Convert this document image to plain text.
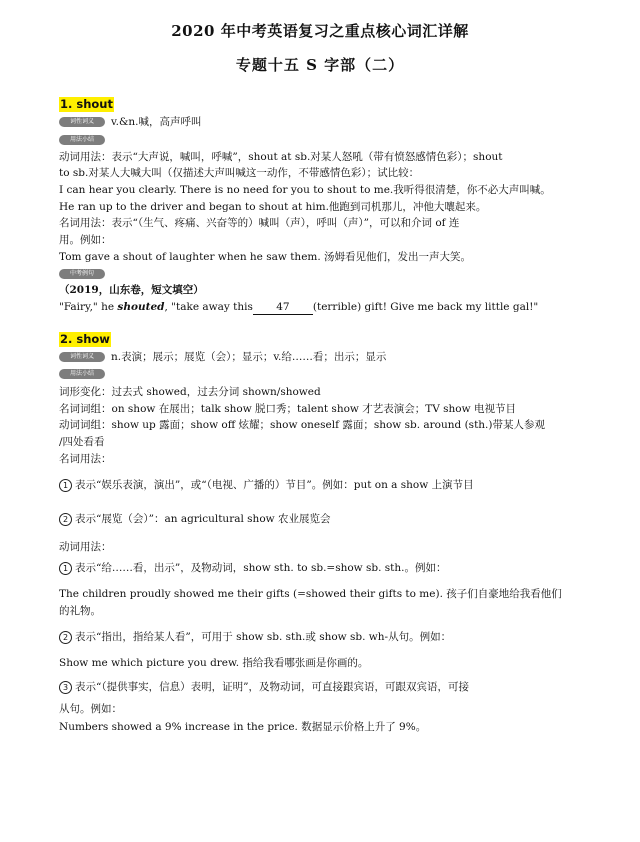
2020 年中考英语复习之重点核心词汇详解
专题十五 S 字部（二）
1. shout
词性词义	v.&n.喊，高声呼叫
用法小结
动词用法：表示“大声说，喊叫，呼喊”，shout at sb.对某人怒吼（带有愤怒感情色彩）；shout
to sb.对某人大喊大叫（仅描述大声叫喊这一动作，不带感情色彩）；试比较：
I can hear you clearly. There is no need for you to shout to me.我听得很清楚，你不必大声叫喊。
He ran up to the driver and began to shout at him.他跑到司机那儿，冲他大嚷起来。
名词用法：表示“（生气、疼痛、兴奋等的）喊叫（声），呼叫（声）”，可以和介词 of 连
用。例如：
Tom gave a shout of laughter when he saw them. 汤姆看见他们，发出一声大笑。
中考例句
（2019，山东卷，短文填空）
"Fairy," he shouted, "take away this 47 (terrible) gift! Give me back my little gal!"
2. show
词性词义	n.表演；展示；展览（会）；显示；v.给……看；出示；显示
用法小结
词形变化：过去式 showed，过去分词 shown/showed
名词词组：on show 在展出；talk show 脱口秀；talent show 才艺表演会；TV show 电视节目
动词词组：show up 露面；show off 炫耀；show oneself 露面；show sb. around (sth.)带某人参观
/四处看看
名词用法：
1 表示“娱乐表演，演出”，或“（电视、广播的）节目”。例如：put on a show 上演节目
2 表示“展览（会）”：an agricultural show 农业展览会
动词用法：
1 表示“给……看，出示”，及物动词，show sth. to sb.=show sb. sth.。例如：
The children proudly showed me their gifts (=showed their gifts to me). 孩子们自豪地给我看他们
的礼物。
2 表示“指出，指给某人看”，可用于 show sb. sth.或 show sb. wh-从句。例如：
Show me which picture you drew. 指给我看哪张画是你画的。
3 表示“（提供事实，信息）表明，证明”，及物动词，可直接跟宾语，可跟双宾语，可接
从句。例如：
Numbers showed a 9% increase in the price. 数据显示价格上升了 9%。
